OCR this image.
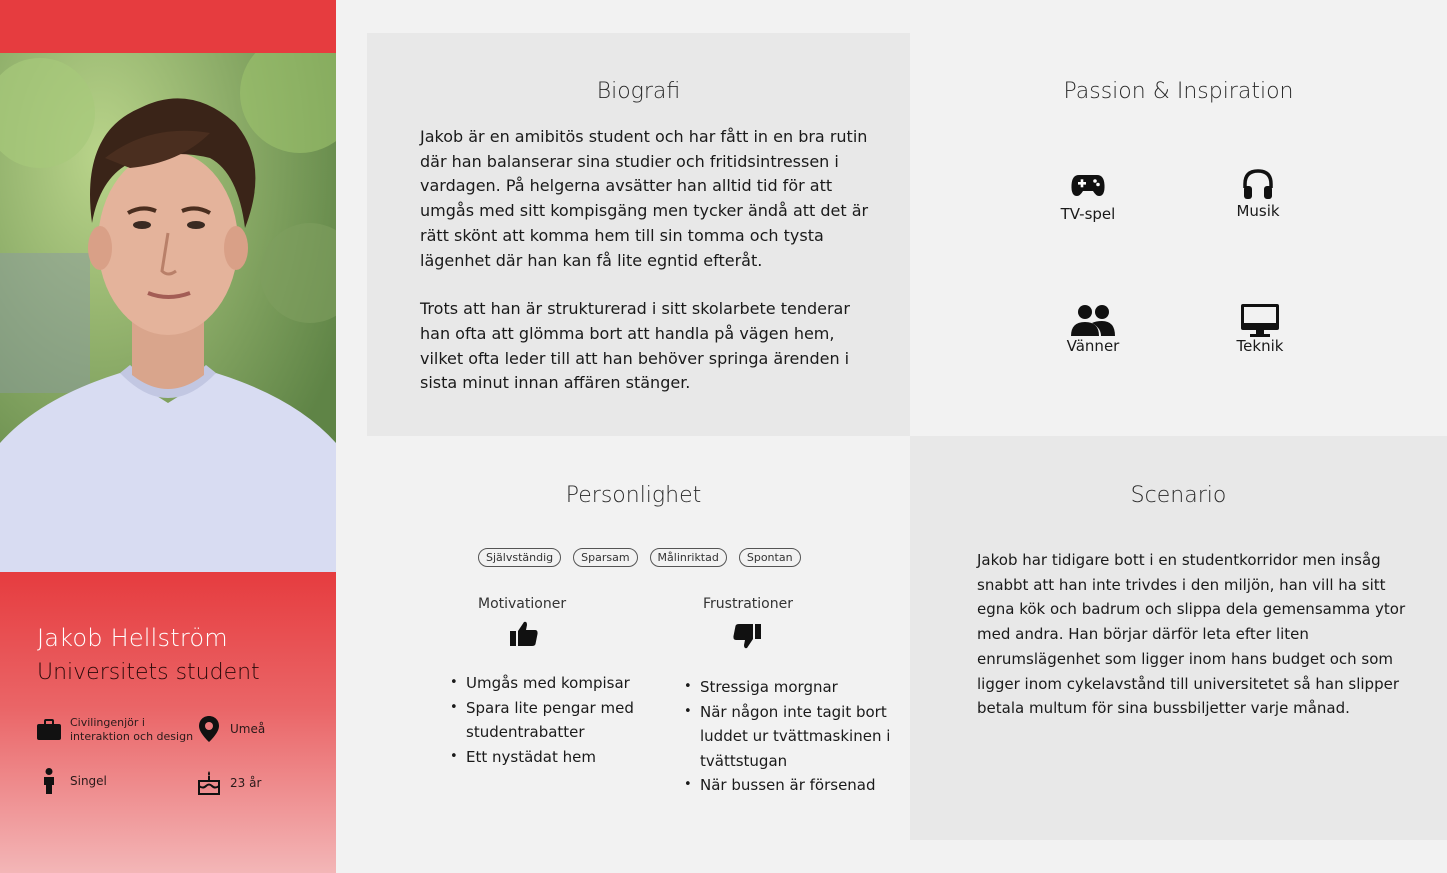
Jakob Hellström
Universitets student
Civilingenjör i interaktion och design
Umeå
Singel	23 år
Biografi

Jakob är en amibitös student och har fått in en bra rutin där han balanserar sina studier och fritidsintressen i vardagen. På helgerna avsätter han alltid tid för att umgås med sitt kompisgäng men tycker ändå att det är rätt skönt att komma hem till sin tomma och tysta lägenhet där han kan få lite egntid efteråt.

Trots att han är strukturerad i sitt skolarbete tenderar han ofta att glömma bort att handla på vägen hem, vilket ofta leder till att han behöver springa ärenden i sista minut innan affären stänger.

Passion & Inspiration
TV-spel	Musik
Vänner	Teknik
Personlighet
Självständig	Sparsam	Målinriktad	Spontan
Motivationer
• Umgås med kompisar
• Spara lite pengar med studentrabatter
• Ett nystädat hem
Frustrationer
• Stressiga morgnar
• När någon inte tagit bort luddet ur tvättmaskinen i tvättstugan
• När bussen är försenad
Scenario
Jakob har tidigare bott i en studentkorridor men insåg snabbt att han inte trivdes i den miljön, han vill ha sitt egna kök och badrum och slippa dela gemensamma ytor med andra. Han börjar därför leta efter liten enrumslägenhet som ligger inom hans budget och som ligger inom cykelavstånd till universitetet så han slipper betala multum för sina bussbiljetter varje månad.
